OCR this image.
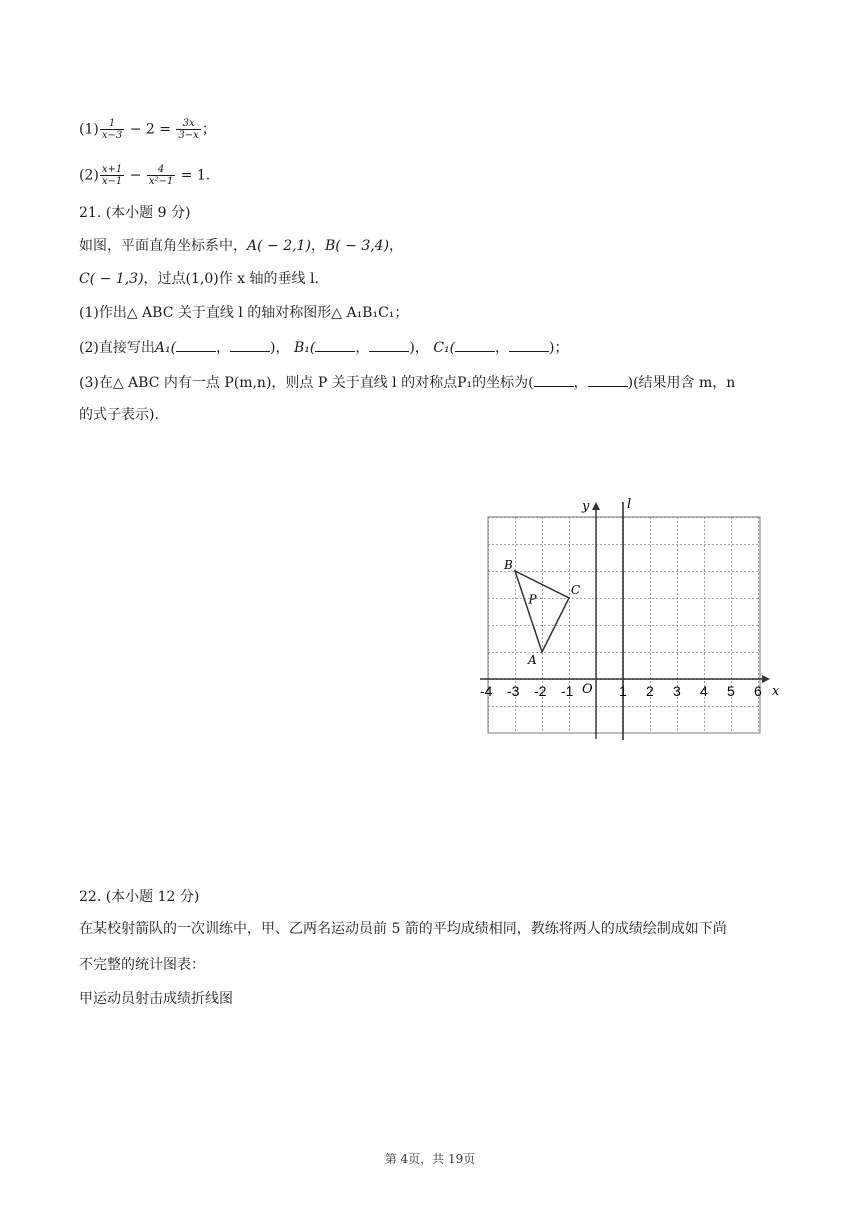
$(1) \frac{1}{x-3} - 2 = \frac{3x}{3-x}$ ；
$(2) \frac{x+1}{x-1} - \frac{4}{\text{x²−1}} = 1$．
21. (本小题 9 分)
如图，平面直角坐标系中，A( − 2,1)，B( − 3,4)，
C( − 1,3)，过点(1,0)作 x 轴的垂线 l.
(1)作出△ ABC 关于直线 l 的轴对称图形△ A₁B₁C₁；
(2)直接写出A₁(	，	)， B₁(	，	)， C₁(	，	)；
(3)在△ ABC 内有一点 P(m,n)，则点 P 关于直线 l 的对称点P₁的坐标为(	，	)(结果用含 m，n
的式子表示).
-4 -3 -2 -1	1 2 3 4 5 6
O	x
y	l
B
C
A
P
22. (本小题 12 分)
在某校射箭队的一次训练中，甲、乙两名运动员前 5 箭的平均成绩相同，教练将两人的成绩绘制成如下尚
不完整的统计图表：
甲运动员射击成绩折线图
第 4页，共 19页
